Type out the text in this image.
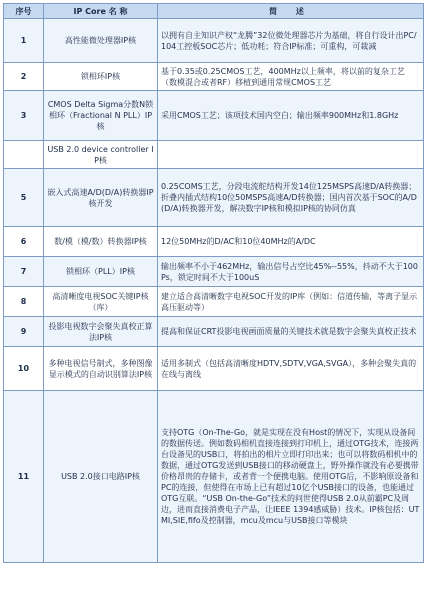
序号	IP Core 名 称	简 述
1	高性能微处理器IP核	以拥有自主知识产权“龙腾”32位微处理器芯片为基础，将自行设计出PC/104工控板SOC芯片；低功耗；符合IP标准；可重构，可裁减
2	锁相环IP核	基于0.35或0.25CMOS工艺，400MHz以上频率，将以前的复杂工艺（数模混合或者RF）移植到通用常规CMOS工艺
3	CMOS Delta Sigma分数N锁相环（Fractional N PLL）IP核	采用CMOS工艺；该项技术国内空白；输出频率900MHz和1.8GHz
	USB 2.0 device controller IP核	
5	嵌入式高速A/D(D/A)转换器IP核开发	0.25COMS工艺，分段电流舵结构开发14位125MSPS高速D/A转换器；折叠内插式结构10位50MSPS高速A/D转换器；国内首次基于SOC的A/D(D/A)转换器开发，解决数字IP核和模拟IP核的协同仿真
6	数/模（模/数）转换器IP核	12位50MHz的D/AC和10位40MHz的A/DC
7	锁相环（PLL）IP核	输出频率不小于462MHz，输出信号占空比45%--55%，抖动不大于100Ps，锁定时间不大于100uS
8	高清晰度电视SOC关键IP核（库）	建立适合高清晰数字电视SOC开发的IP库（例如：信道传输，等离子显示高压驱动等）
9	投影电视数字会聚失真校正算法IP核	提高和保证CRT投影电视画面质量的关键技术就是数字会聚失真校正技术
10	多种电视信号制式，多种图像显示模式的自动识别算法IP核	适用多制式（包括高清晰度HDTV,SDTV,VGA,SVGA），多种会聚失真的在线与离线
11	USB 2.0接口电路IP核	支持OTG（On-The-Go，就是实现在没有Host的情况下，实现从设备间的数据传送。例如数码相机直接连接到打印机上，通过OTG技术，连接两台设备见的USB口，将拍出的相片立即打印出来；也可以将数码相机中的数据，通过OTG发送到USB接口的移动硬盘上，野外操作就没有必要携带价格昂贵的存储卡，或者背一个便携电脑。使用OTG后，不影响原设备和PC的连接，但使得在市场上已有超过10亿个USB接口的设备，也能通过OTG互联。“USB On-the-Go”技术的问世使得USB 2.0从前霸PC及周边，进而直接消费电子产品，让IEEE 1394感威胁）技术。IP核包括：UTMI,SIE,fifo及控制器，mcu及mcu与USB接口等模块
